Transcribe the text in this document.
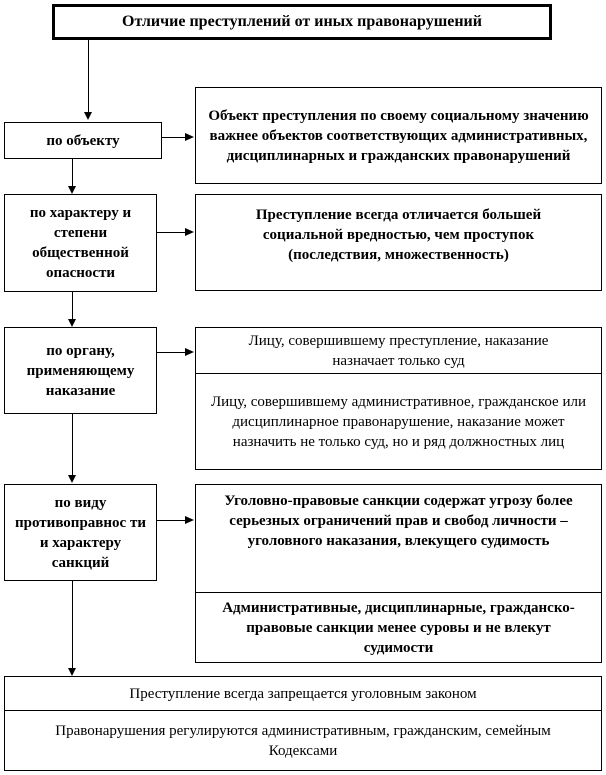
Отличие преступлений от иных правонарушений
по объекту
Объект преступления по своему социальному значению важнее объектов соответствующих административных, дисциплинарных и гражданских правонарушений
по характеру и степени общественной опасности
Преступление всегда отличается большей социальной вредностью, чем проступок (последствия, множественность)
по органу, применяющему наказание
Лицу, совершившему преступление, наказание назначает только суд
Лицу, совершившему административное, гражданское или дисциплинарное правонарушение, наказание может назначить не только суд, но и ряд должностных лиц
по виду противоправнос ти и характеру санкций
Уголовно-правовые санкции содержат угрозу более серьезных ограничений прав и свобод личности – уголовного наказания, влекущего судимость
Административные, дисциплинарные, гражданско-правовые санкции менее суровы и не влекут судимости
Преступление всегда запрещается уголовным законом
Правонарушения регулируются административным, гражданским, семейным Кодексами
